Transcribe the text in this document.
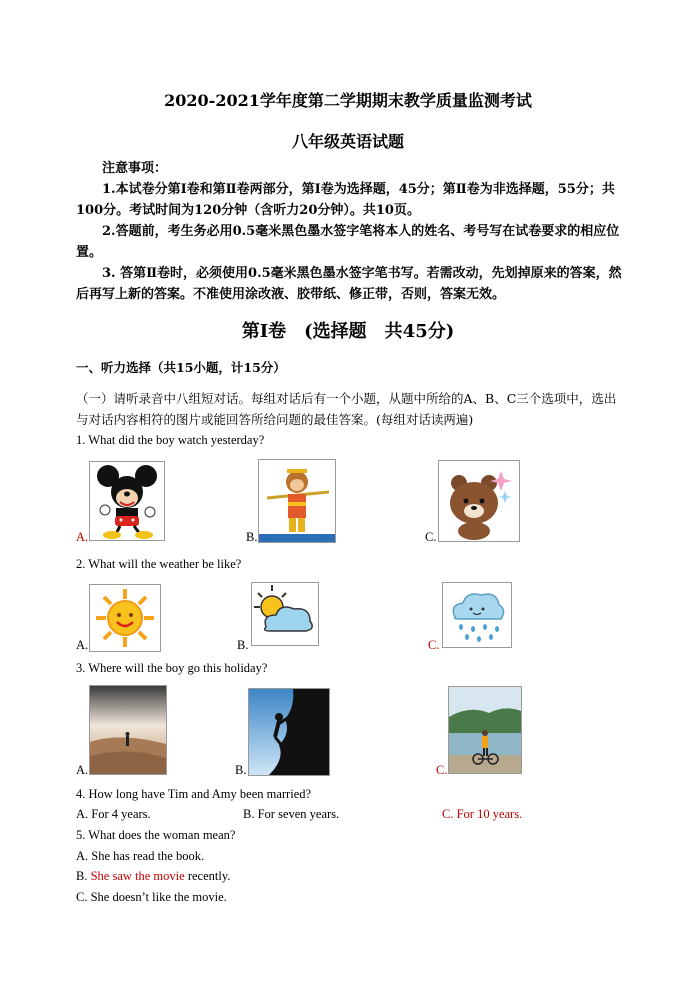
2020-2021学年度第二学期期末教学质量监测考试
八年级英语试题

注意事项：

1.本试卷分第Ⅰ卷和第Ⅱ卷两部分，第Ⅰ卷为选择题，45分；第Ⅱ卷为非选择题，55分；共100分。考试时间为120分钟（含听力20分钟）。共10页。

2.答题前，考生务必用0.5毫米黑色墨水签字笔将本人的姓名、考号写在试卷要求的相应位置。

3. 答第Ⅱ卷时，必须使用0.5毫米黑色墨水签字笔书写。若需改动，先划掉原来的答案，然后再写上新的答案。不准使用涂改液、胶带纸、修正带，否则，答案无效。

第Ⅰ卷　(选择题　共45分)
一、听力选择（共15小题，计15分）
（一）请听录音中八组短对话。每组对话后有一个小题，从题中所给的A、B、C三个选项中，选出与对话内容相符的图片或能回答所给问题的最佳答案。(每组对话读两遍)
1. What did the boy watch yesterday?
A.	B.	C.
2. What will the weather be like?
A.	B.	C.
3. Where will the boy go this holiday?
A.	B.	C.
4. How long have Tim and Amy been married?
A. For 4 years.	B. For seven years.	C. For 10 years.
5. What does the woman mean?
A. She has read the book.
B. She saw the movie recently.
C. She doesn’t like the movie.
